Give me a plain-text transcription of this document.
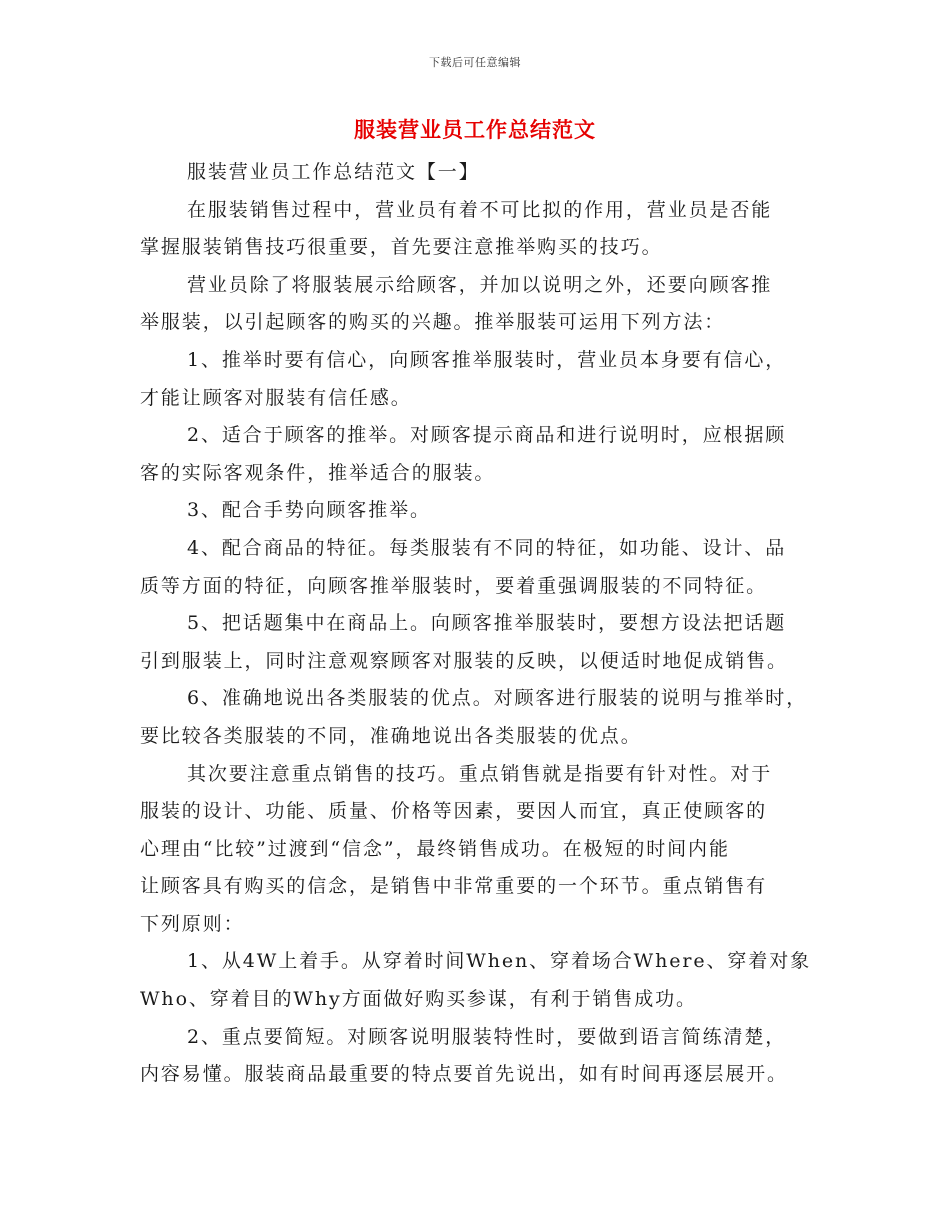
下载后可任意编辑
服装营业员工作总结范文
服装营业员工作总结范文【一】
在服装销售过程中，营业员有着不可比拟的作用，营业员是否能
掌握服装销售技巧很重要，首先要注意推举购买的技巧。
营业员除了将服装展示给顾客，并加以说明之外，还要向顾客推
举服装，以引起顾客的购买的兴趣。推举服装可运用下列方法：
1、推举时要有信心，向顾客推举服装时，营业员本身要有信心，
才能让顾客对服装有信任感。
2、适合于顾客的推举。对顾客提示商品和进行说明时，应根据顾
客的实际客观条件，推举适合的服装。
3、配合手势向顾客推举。
4、配合商品的特征。每类服装有不同的特征，如功能、设计、品
质等方面的特征，向顾客推举服装时，要着重强调服装的不同特征。
5、把话题集中在商品上。向顾客推举服装时，要想方设法把话题
引到服装上，同时注意观察顾客对服装的反映，以便适时地促成销售。
6、准确地说出各类服装的优点。对顾客进行服装的说明与推举时，
要比较各类服装的不同，准确地说出各类服装的优点。
其次要注意重点销售的技巧。重点销售就是指要有针对性。对于
服装的设计、功能、质量、价格等因素，要因人而宜，真正使顾客的
心理由“比较”过渡到“信念”，最终销售成功。在极短的时间内能
让顾客具有购买的信念，是销售中非常重要的一个环节。重点销售有
下列原则：
1、从4W上着手。从穿着时间When、穿着场合Where、穿着对象
Who、穿着目的Why方面做好购买参谋，有利于销售成功。
2、重点要简短。对顾客说明服装特性时，要做到语言简练清楚，
内容易懂。服装商品最重要的特点要首先说出，如有时间再逐层展开。
